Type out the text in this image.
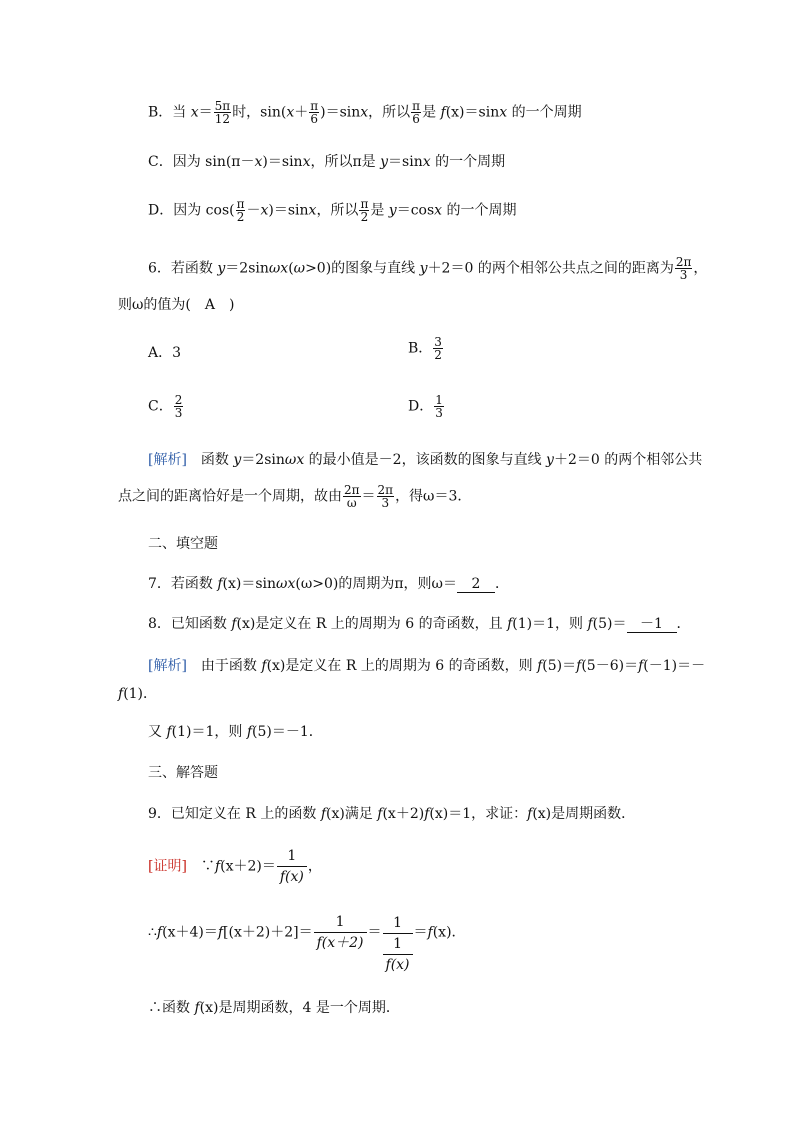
B．当 $x= \frac{5\pi}{12}$ 时，$\sin(x+ \frac{\pi}{6} )=\sin x$，所以 $\frac{\pi}{6}$ 是 f(x)＝sinx 的一个周期
C．因为 sin(π－x)＝sinx，所以π是 y＝sinx 的一个周期
D．因为 $\cos( \frac{\pi}{2} -x)=\sin x$，所以 $\frac{\pi}{2}$ 是 y＝cosx 的一个周期
6．若函数 y＝2sinωx(ω>0)的图象与直线 y＋2＝0 的两个相邻公共点之间的距离为 $\frac{2\pi}{3}$ ，
则ω的值为(　A　)
A．3	B． $\frac{3}{2}$
C． $\frac{2}{3}$	D． $\frac{1}{3}$
[解析]　函数 y＝2sinωx 的最小值是－2，该函数的图象与直线 y＋2＝0 的两个相邻公共
点之间的距离恰好是一个周期，故由 $\frac{2\pi}{\omega} = \frac{2\pi}{3}$ ，得ω＝3．
二、填空题
7．若函数 f(x)＝sinωx(ω>0)的周期为π，则ω＝ 2 ．
8．已知函数 f(x)是定义在 R 上的周期为 6 的奇函数，且 f(1)＝1，则 f(5)＝ －1 ．
[解析]　由于函数 f(x)是定义在 R 上的周期为 6 的奇函数，则 f(5)＝f(5－6)＝f(－1)＝－
f(1)．
又 f(1)＝1，则 f(5)＝－1．
三、解答题
9．已知定义在 R 上的函数 f(x)满足 f(x＋2)f(x)＝1，求证：f(x)是周期函数．
[证明]　∵f(x＋2)＝ $\frac{1}{f(x)}$ ，
∴f(x＋4)＝f[(x＋2)＋2]＝ $\frac{1}{f(x+2)} = \frac{1}{\frac{1}{f(x)}} =f(x)$．
∴函数 f(x)是周期函数，4 是一个周期．
